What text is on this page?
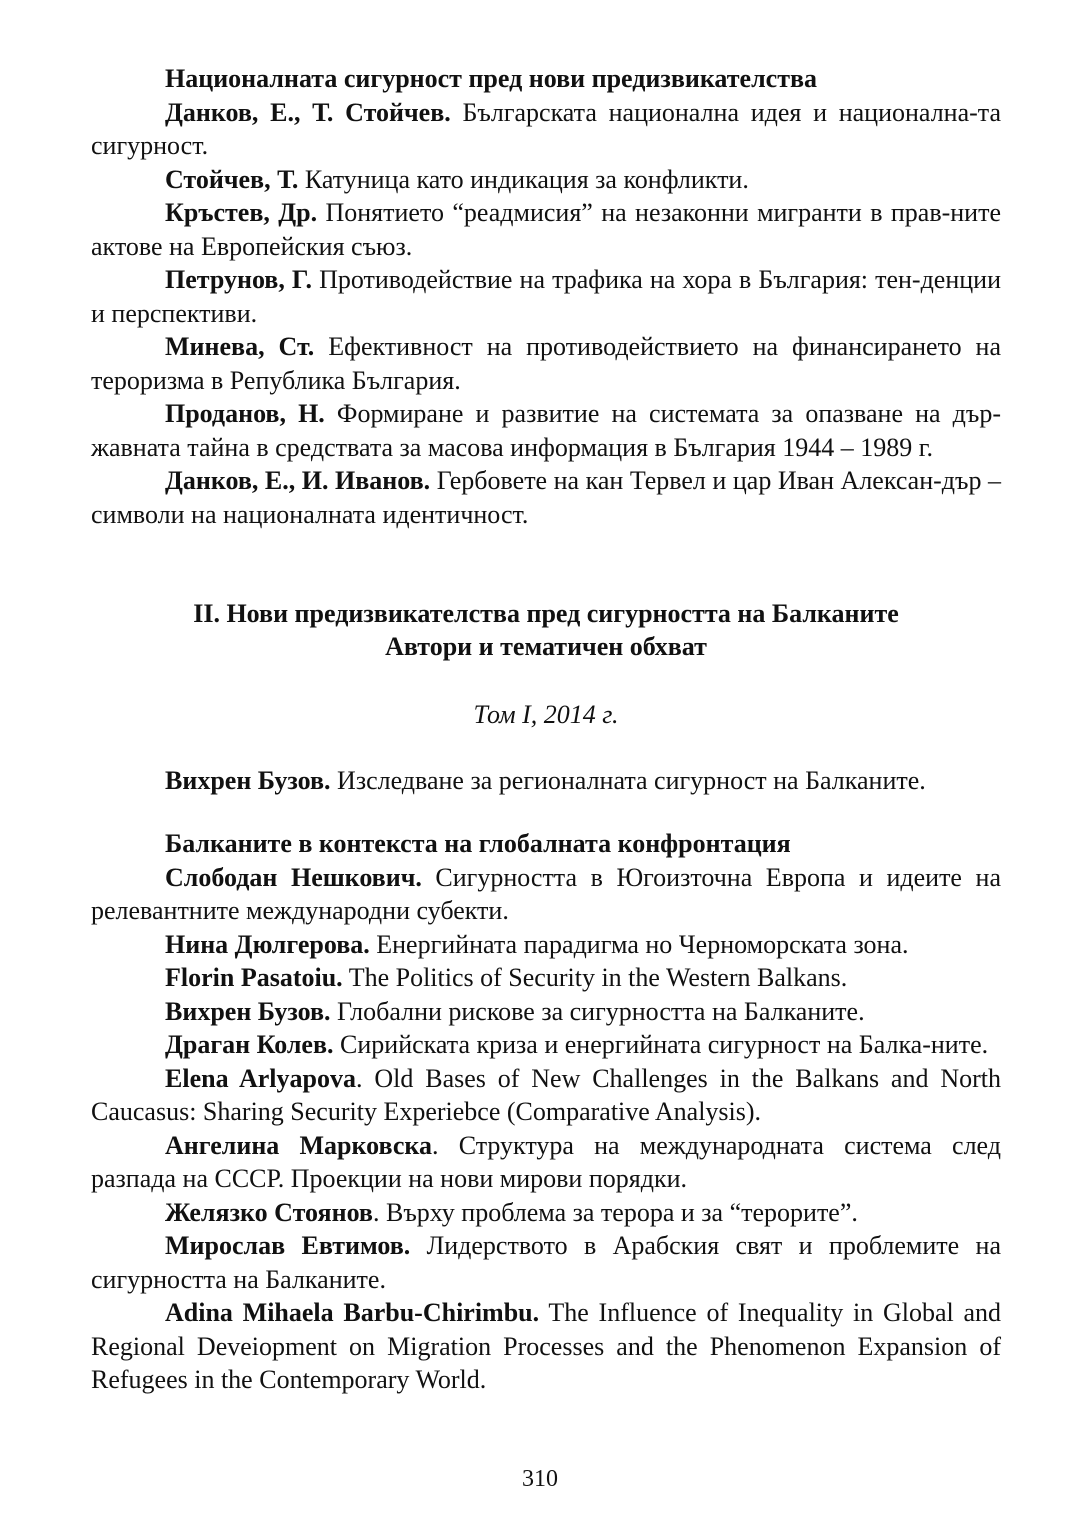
Националната сигурност пред нови предизвикателства

Данков, Е., Т. Стойчев. Българската национална идея и национална-та сигурност.

Стойчев, Т. Катуница като индикация за конфликти.

Кръстев, Др. Понятието “реадмисия” на незаконни мигранти в прав-ните актове на Европейския съюз.

Петрунов, Г. Противодействие на трафика на хора в България: тен-денции и перспективи.

Минева, Ст. Ефективност на противодействието на финансирането на тероризма в Република България.

Проданов, Н. Формиране и развитие на системата за опазване на дър-жавната тайна в средствата за масова информация в България 1944 – 1989 г.

Данков, Е., И. Иванов. Гербовете на кан Тервел и цар Иван Алексан-дър – символи на националната идентичност.

II. Нови предизвикателства пред сигурността на Балканите
Автори и тематичен обхват
Том І, 2014 г.

Вихрен Бузов. Изследване за регионалната сигурност на Балканите.

Балканите в контекста на глобалната конфронтация

Слободан Нешкович. Сигурността в Югоизточна Европа и идеите на релевантните международни субекти.

Нина Дюлгерова. Енергийната парадигма но Черноморската зона.

Florin Pasatoiu. The Politics of Security in the Western Balkans.

Вихрен Бузов. Глобални рискове за сигурността на Балканите.

Драган Колев. Сирийската криза и енергийната сигурност на Балка-ните.

Elena Arlyapova. Old Bases of New Challenges in the Balkans and North Caucasus: Sharing Security Experiebce (Comparative Analysis).

Ангелина Марковска. Структура на международната система след разпада на СССР. Проекции на нови мирови порядки.

Желязко Стоянов. Върху проблема за терора и за “терорите”.

Мирослав Евтимов. Лидерството в Арабския свят и проблемите на сигурността на Балканите.

Adina Mihaela Barbu-Chirimbu. The Influence of Inequality in Global and Regional Deveiopment on Migration Processes and the Phenomenon Expansion of Refugees in the Contemporary World.

310
